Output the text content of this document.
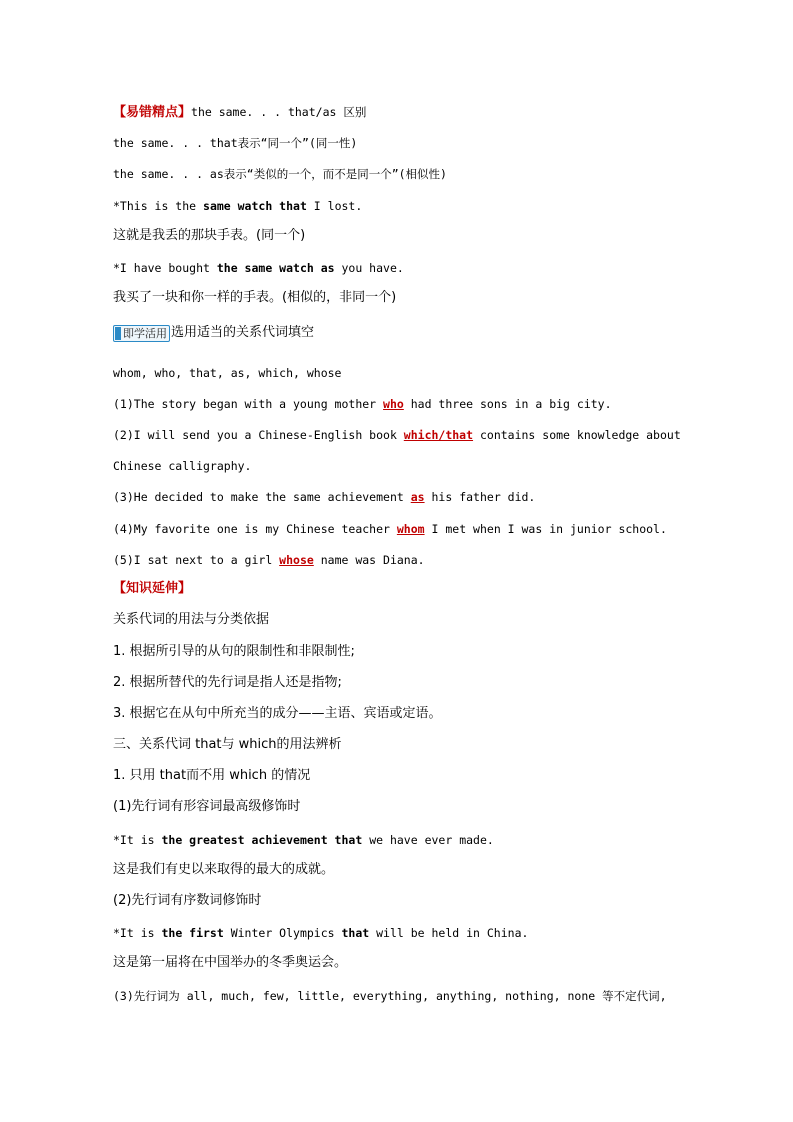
【易错精点】the same. . . that/as 区别
the same. . . that表示“同一个”(同一性)
the same. . . as表示“类似的一个，而不是同一个”(相似性)
*This is the same watch that I lost.
这就是我丢的那块手表。(同一个)
*I have bought the same watch as you have.
我买了一块和你一样的手表。(相似的，非同一个)
即学活用 选用适当的关系代词填空
whom, who, that, as, which, whose
(1)The story began with a young mother who had three sons in a big city.
(2)I will send you a Chinese-English book which/that contains some knowledge about
Chinese calligraphy.
(3)He decided to make the same achievement as his father did.
(4)My favorite one is my Chinese teacher whom I met when I was in junior school.
(5)I sat next to a girl whose name was Diana.
【知识延伸】
关系代词的用法与分类依据
1. 根据所引导的从句的限制性和非限制性;
2. 根据所替代的先行词是指人还是指物;
3. 根据它在从句中所充当的成分——主语、宾语或定语。
三、关系代词 that与 which的用法辨析
1. 只用 that而不用 which 的情况
(1)先行词有形容词最高级修饰时
*It is the greatest achievement that we have ever made.
这是我们有史以来取得的最大的成就。
(2)先行词有序数词修饰时
*It is the first Winter Olympics that will be held in China.
这是第一届将在中国举办的冬季奥运会。
(3)先行词为 all, much, few, little, everything, anything, nothing, none 等不定代词,
